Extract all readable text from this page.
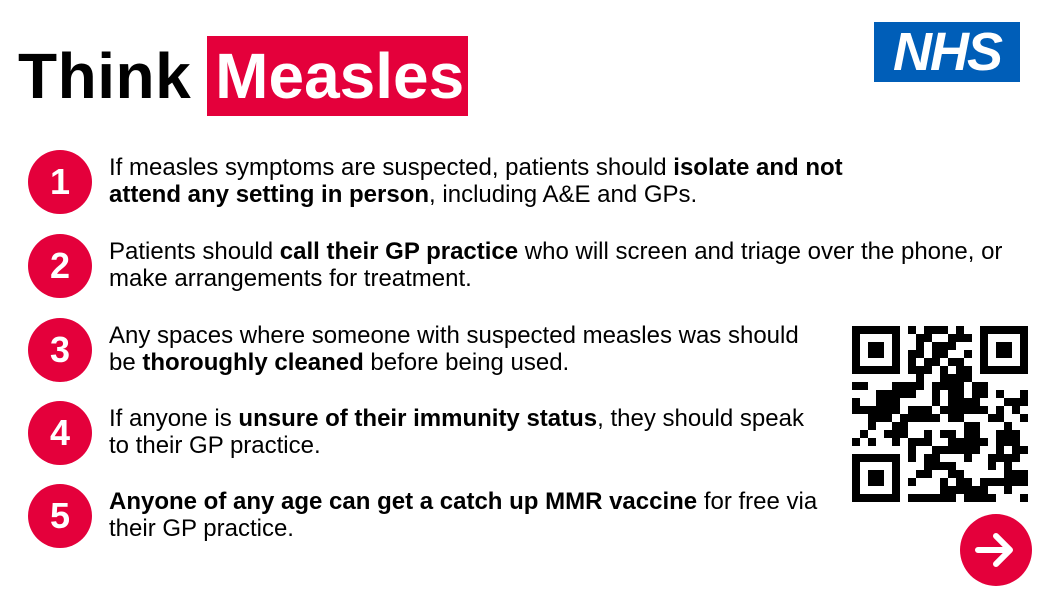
Think Measles	NHS
1	If measles symptoms are suspected, patients should isolate and not attend any setting in person, including A&E and GPs.
2	Patients should call their GP practice who will screen and triage over the phone, or make arrangements for treatment.
3	Any spaces where someone with suspected measles was should be thoroughly cleaned before being used.
4	If anyone is unsure of their immunity status, they should speak to their GP practice.
5	Anyone of any age can get a catch up MMR vaccine for free via their GP practice.
